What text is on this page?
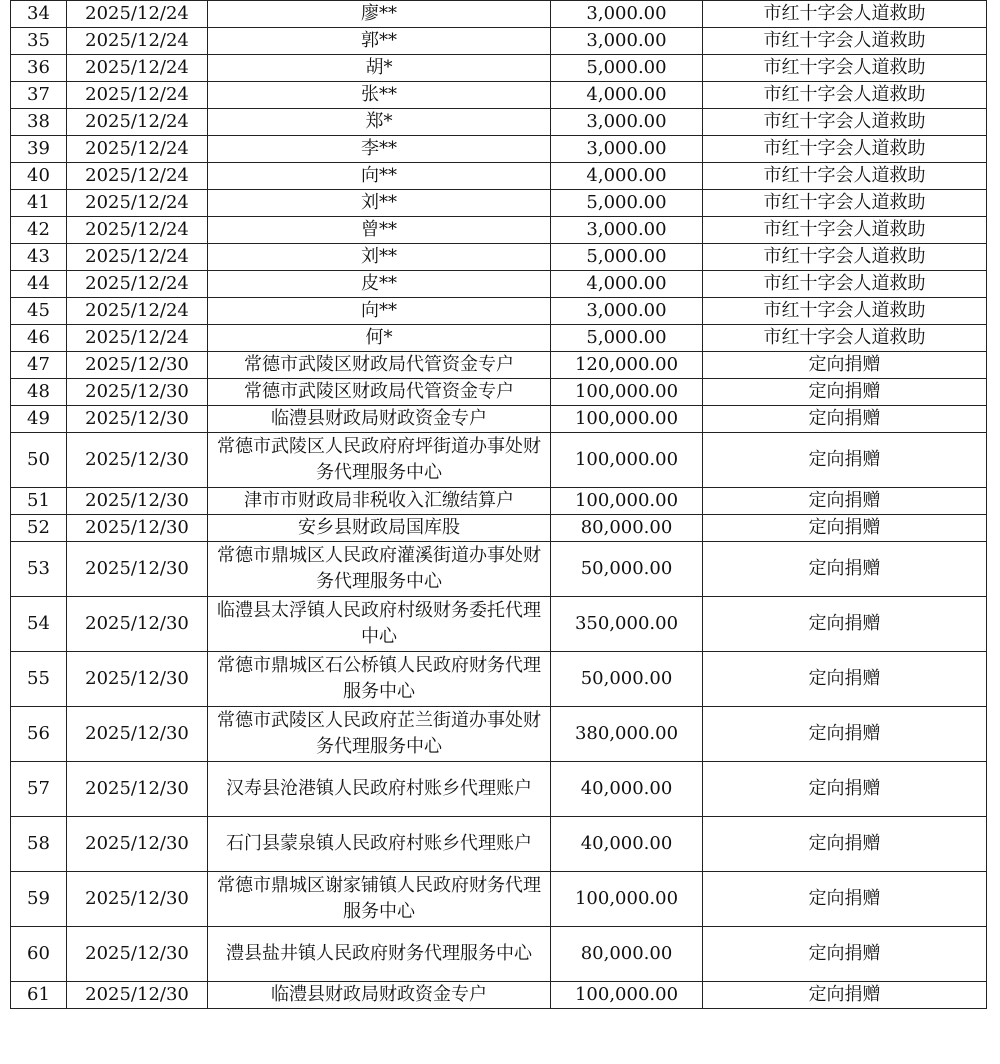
34	2025/12/24	廖**	3,000.00	市红十字会人道救助
35	2025/12/24	郭**	3,000.00	市红十字会人道救助
36	2025/12/24	胡*	5,000.00	市红十字会人道救助
37	2025/12/24	张**	4,000.00	市红十字会人道救助
38	2025/12/24	郑*	3,000.00	市红十字会人道救助
39	2025/12/24	李**	3,000.00	市红十字会人道救助
40	2025/12/24	向**	4,000.00	市红十字会人道救助
41	2025/12/24	刘**	5,000.00	市红十字会人道救助
42	2025/12/24	曾**	3,000.00	市红十字会人道救助
43	2025/12/24	刘**	5,000.00	市红十字会人道救助
44	2025/12/24	皮**	4,000.00	市红十字会人道救助
45	2025/12/24	向**	3,000.00	市红十字会人道救助
46	2025/12/24	何*	5,000.00	市红十字会人道救助
47	2025/12/30	常德市武陵区财政局代管资金专户	120,000.00	定向捐赠
48	2025/12/30	常德市武陵区财政局代管资金专户	100,000.00	定向捐赠
49	2025/12/30	临澧县财政局财政资金专户	100,000.00	定向捐赠
50	2025/12/30	常德市武陵区人民政府府坪街道办事处财务代理服务中心	100,000.00	定向捐赠
51	2025/12/30	津市市财政局非税收入汇缴结算户	100,000.00	定向捐赠
52	2025/12/30	安乡县财政局国库股	80,000.00	定向捐赠
53	2025/12/30	常德市鼎城区人民政府灌溪街道办事处财务代理服务中心	50,000.00	定向捐赠
54	2025/12/30	临澧县太浮镇人民政府村级财务委托代理中心	350,000.00	定向捐赠
55	2025/12/30	常德市鼎城区石公桥镇人民政府财务代理服务中心	50,000.00	定向捐赠
56	2025/12/30	常德市武陵区人民政府芷兰街道办事处财务代理服务中心	380,000.00	定向捐赠
57	2025/12/30	汉寿县沧港镇人民政府村账乡代理账户	40,000.00	定向捐赠
58	2025/12/30	石门县蒙泉镇人民政府村账乡代理账户	40,000.00	定向捐赠
59	2025/12/30	常德市鼎城区谢家铺镇人民政府财务代理服务中心	100,000.00	定向捐赠
60	2025/12/30	澧县盐井镇人民政府财务代理服务中心	80,000.00	定向捐赠
61	2025/12/30	临澧县财政局财政资金专户	100,000.00	定向捐赠
